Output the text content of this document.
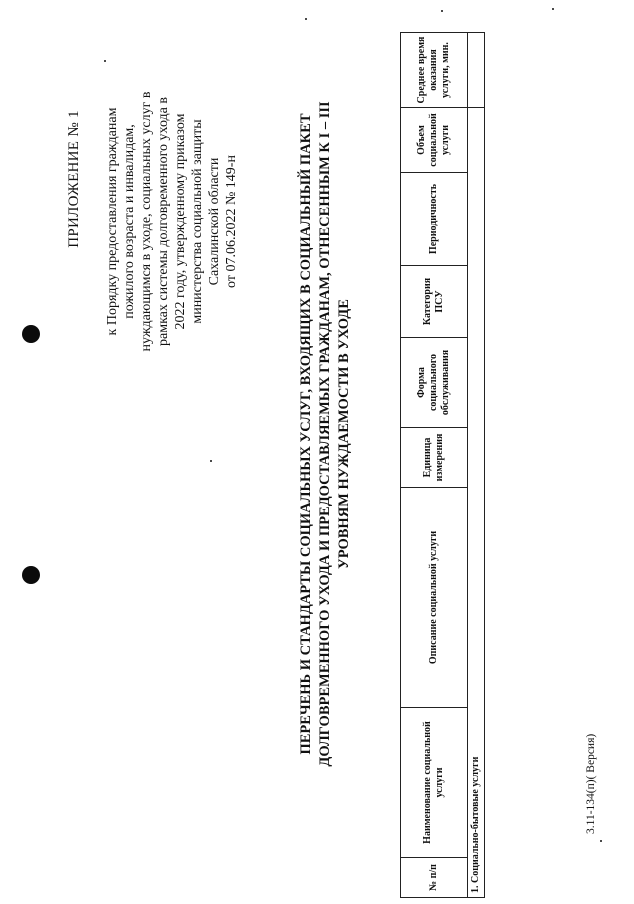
ПРИЛОЖЕНИЕ № 1 к Порядку предоставления гражданам пожилого возраста и инвалидам, нуждающимся в уходе, социальных услуг в рамках системы долговременного ухода в 2022 году, утвержденному приказом министерства социальной защиты Сахалинской области от 07.06.2022 № 149-н	ПЕРЕЧЕНЬ И СТАНДАРТЫ СОЦИАЛЬНЫХ УСЛУГ, ВХОДЯЩИХ В СОЦИАЛЬНЫЙ ПАКЕТ ДОЛГОВРЕМЕННОГО УХОДА И ПРЕДОСТАВЛЯЕМЫХ ГРАЖДАНАМ, ОТНЕСЕННЫМ К I – III УРОВНЯМ НУЖДАЕМОСТИ В УХОДЕ
№ п/п	Наименование социальной услуги	Описание социальной услуги	Единица измерения	Форма социального обслуживания	Категория ПСУ	Периодичность	Объем социальной услуги	Среднее время оказания услуги, мин.
1. Социально-бытовые услуги									3.11-134(п)( Версия)
